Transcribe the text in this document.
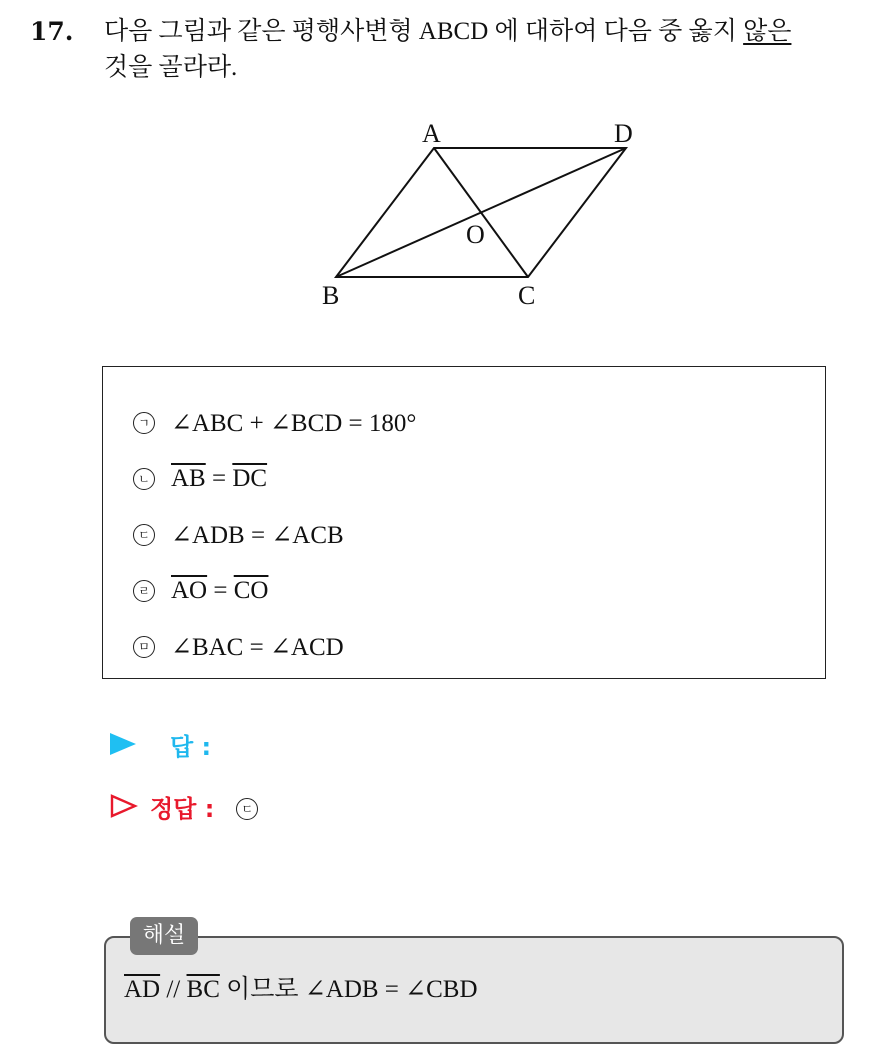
17. 다음 그림과 같은 평행사변형 ABCD 에 대하여 다음 중 옳지 않은
것을 골라라.
A	D
B	C
O
ㄱ ∠ABC + ∠BCD = 180°
ㄴ $\overline{AB} = \overline{DC}$
ㄷ ∠ADB = ∠ACB
ㄹ $\overline{AO} = \overline{CO}$
ㅁ ∠BAC = ∠ACD
답 :
정답 :	ㄷ
해설
$\overline{AD} // \overline{BC}$ 이므로 ∠ADB = ∠CBD
